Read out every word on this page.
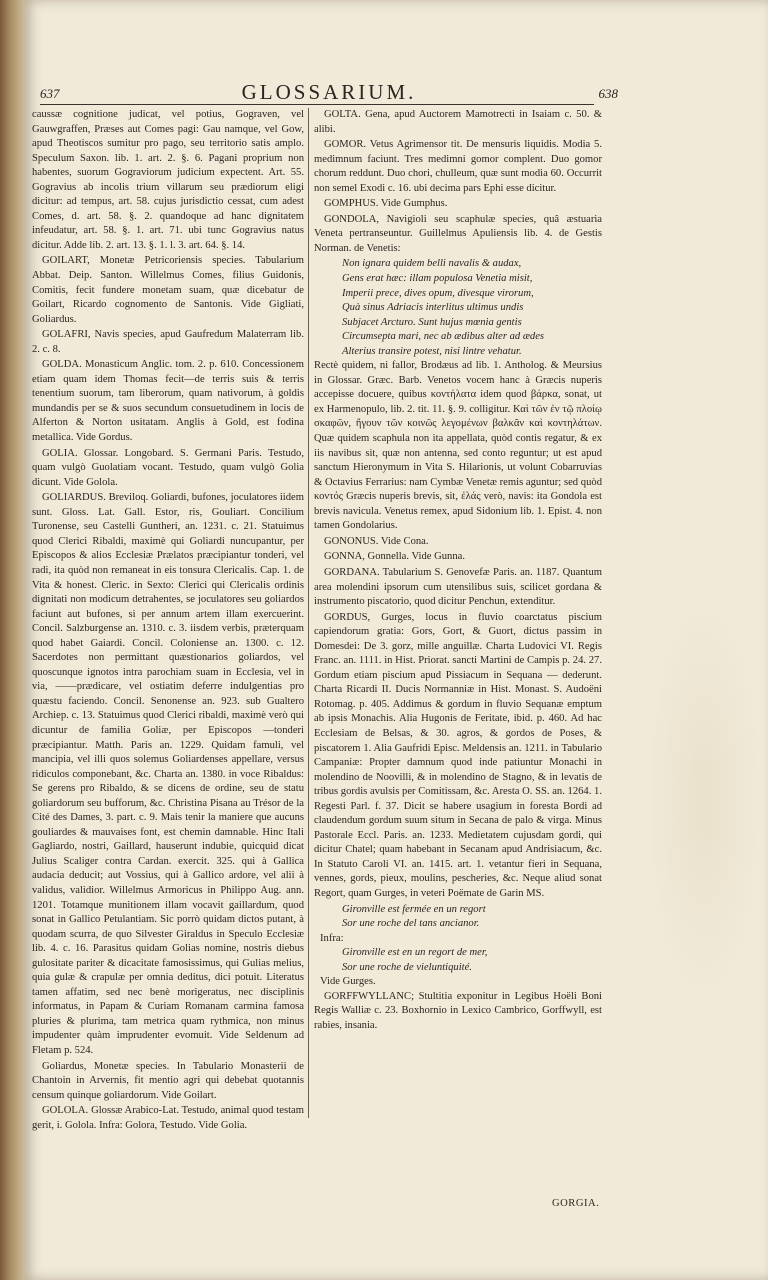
637	GLOSSARIUM.	638

caussæ cognitione judicat, vel potius, Gograven, vel Gauwgraffen, Præses aut Comes pagi: Gau namque, vel Gow, apud Theotiscos sumitur pro pago, seu territorio satis amplo. Speculum Saxon. lib. 1. art. 2. §. 6. Pagani proprium non habentes, suorum Gograviorum judicium expectent. Art. 55. Gogravius ab incolis trium villarum seu prædiorum eligi dicitur: ad tempus, art. 58. cujus jurisdictio cessat, cum adest Comes, d. art. 58. §. 2. quandoque ad hanc dignitatem infeudatur, art. 58. §. 1. art. 71. ubi tunc Gogravius natus dicitur. Adde lib. 2. art. 13. §. 1. l. 3. art. 64. §. 14.

GOILART, Monetæ Petricoriensis species. Tabularium Abbat. Deip. Santon. Willelmus Comes, filius Guidonis, Comitis, fecit fundere monetam suam, quæ dicebatur de Goilart, Ricardo cognomento de Santonis. Vide Gigliati, Goliardus.

GOLAFRI, Navis species, apud Gaufredum Malaterram lib. 2. c. 8.

GOLDA. Monasticum Anglic. tom. 2. p. 610. Concessionem etiam quam idem Thomas fecit—de terris suis & terris tenentium suorum, tam liberorum, quam nativorum, à goldis mundandis per se & suos secundum consuetudinem in locis de Alferton & Norton usitatam. Anglis à Gold, est fodina metallica. Vide Gordus.

GOLIA. Glossar. Longobard. S. Germani Paris. Testudo, quam vulgò Guolatiam vocant. Testudo, quam vulgò Golia dicunt. Vide Golola.

GOLIARDUS. Breviloq. Goliardi, bufones, joculatores iidem sunt. Gloss. Lat. Gall. Estor, ris, Gouliart. Concilium Turonense, seu Castelli Guntheri, an. 1231. c. 21. Statuimus quod Clerici Ribaldi, maximè qui Goliardi nuncupantur, per Episcopos & alios Ecclesiæ Prælatos præcipiantur tonderi, vel radi, ita quòd non remaneat in eis tonsura Clericalis. Cap. 1. de Vita & honest. Cleric. in Sexto: Clerici qui Clericalis ordinis dignitati non modicum detrahentes, se joculatores seu goliardos faciunt aut bufones, si per annum artem illam exercuerint. Concil. Salzburgense an. 1310. c. 3. iisdem verbis, præterquam quod habet Gaiardi. Concil. Coloniense an. 1300. c. 12. Sacerdotes non permittant quæstionarios goliardos, vel quoscunque ignotos intra parochiam suam in Ecclesia, vel in via, ——prædicare, vel ostiatim deferre indulgentias pro quæstu faciendo. Concil. Senonense an. 923. sub Gualtero Archiep. c. 13. Statuimus quod Clerici ribaldi, maximè verò qui dicuntur de familia Goliæ, per Episcopos —tonderi præcipiantur. Matth. Paris an. 1229. Quidam famuli, vel mancipia, vel illi quos solemus Goliardenses appellare, versus ridiculos componebant, &c. Charta an. 1380. in voce Ribaldus: Se gerens pro Ribaldo, & se dicens de ordine, seu de statu goliardorum seu bufforum, &c. Christina Pisana au Trésor de la Cité des Dames, 3. part. c. 9. Mais tenir la maniere que aucuns gouliardes & mauvaises font, est chemin damnable. Hinc Itali Gagliardo, nostri, Gaillard, hauserunt indubie, quicquid dicat Julius Scaliger contra Cardan. exercit. 325. qui à Gallica audacia deducit; aut Vossius, qui à Gallico ardore, vel alii à validus, validior. Willelmus Armoricus in Philippo Aug. ann. 1201. Totamque munitionem illam vocavit gaillardum, quod sonat in Gallico Petulantiam. Sic porrò quidam dictos putant, à quodam scurra, de quo Silvester Giraldus in Speculo Ecclesiæ lib. 4. c. 16. Parasitus quidam Golias nomine, nostris diebus gulositate pariter & dicacitate famosissimus, qui Gulias melius, quia gulæ & crapulæ per omnia deditus, dici potuit. Literatus tamen affatim, sed nec benè morigeratus, nec disciplinis informatus, in Papam & Curiam Romanam carmina famosa pluries & plurima, tam metrica quam rythmica, non minus impudenter quàm imprudenter evomuit. Vide Seldenum ad Fletam p. 524.

Goliardus, Monetæ species. In Tabulario Monasterii de Chantoin in Arvernis, fit mentio agri qui debebat quotannis censum quinque goliardorum. Vide Goilart.

GOLOLA. Glossæ Arabico-Lat. Testudo, animal quod testam gerit, i. Golola. Infra: Golora, Testudo. Vide Golia.

GOLTA. Gena, apud Auctorem Mamotrecti in Isaiam c. 50. & alibi.

GOMOR. Vetus Agrimensor tit. De mensuris liquidis. Modia 5. medimnum faciunt. Tres medimni gomor complent. Duo gomor chorum reddunt. Duo chori, chulleum, quæ sunt modia 60. Occurrit non semel Exodi c. 16. ubi decima pars Ephi esse dicitur.

GOMPHUS. Vide Gumphus.

GONDOLA, Navigioli seu scaphulæ species, quâ æstuaria Veneta pertranseuntur. Guillelmus Apuliensis lib. 4. de Gestis Norman. de Venetis:

Non ignara quidem belli navalis & audax,
Gens erat hæc: illam populosa Venetia misit,
Imperii prece, dives opum, divesque virorum,
Quà sinus Adriacis interlitus ultimus undis
Subjacet Arcturo. Sunt hujus mœnia gentis
Circumsepta mari, nec ab ædibus alter ad ædes
Alterius transire potest, nisi lintre vehatur.

Rectè quidem, ni fallor, Brodæus ad lib. 1. Antholog. & Meursius in Glossar. Græc. Barb. Venetos vocem hanc à Græcis nuperis accepisse docuere, quibus κοντήλατα idem quod βάρκα, sonat, ut ex Harmenopulo, lib. 2. tit. 11. §. 9. colligitur. Καὶ τῶν ἐν τῷ πλοίῳ σκαφῶν, ἤγουν τῶν κοινῶς λεγομένων βαλκᾶν καὶ κοντηλάτων. Quæ quidem scaphula non ita appellata, quòd contis regatur, & ex iis navibus sit, quæ non antenna, sed conto reguntur; ut est apud sanctum Hieronymum in Vita S. Hilarionis, ut volunt Cobarruvias & Octavius Ferrarius: nam Cymbæ Venetæ remis aguntur; sed quòd κοντός Græcis nuperis brevis, sit, ἐλάς verò, navis: ita Gondola est brevis navicula. Venetus remex, apud Sidonium lib. 1. Epist. 4. non tamen Gondolarius.

GONONUS. Vide Cona.

GONNA, Gonnella. Vide Gunna.

GORDANA. Tabularium S. Genovefæ Paris. an. 1187. Quantum area molendini ipsorum cum utensilibus suis, scilicet gordana & instrumento piscatorio, quod dicitur Penchun, extenditur.

GORDUS, Gurges, locus in fluvio coarctatus piscium capiendorum gratia: Gors, Gort, & Guort, dictus passim in Domesdei: De 3. gorz, mille anguillæ. Charta Ludovici VI. Regis Franc. an. 1111. in Hist. Priorat. sancti Martini de Campis p. 24. 27. Gordum etiam piscium apud Pissiacum in Sequana — dederunt. Charta Ricardi II. Ducis Normanniæ in Hist. Monast. S. Audoëni Rotomag. p. 405. Addimus & gordum in fluvio Sequanæ emptum ab ipsis Monachis. Alia Hugonis de Feritate, ibid. p. 460. Ad hac Ecclesiam de Belsas, & 30. agros, & gordos de Poses, & piscatorem 1. Alia Gaufridi Episc. Meldensis an. 1211. in Tabulario Campaniæ: Propter damnum quod inde patiuntur Monachi in molendino de Noovilli, & in molendino de Stagno, & in levatis de tribus gordis avulsis per Comitissam, &c. Aresta O. SS. an. 1264. 1. Regesti Parl. f. 37. Dicit se habere usagium in foresta Bordi ad claudendum gordum suum situm in Secana de palo & virga. Minus Pastorale Eccl. Paris. an. 1233. Medietatem cujusdam gordi, qui dicitur Chatel; quam habebant in Secanam apud Andrisiacum, &c. In Statuto Caroli VI. an. 1415. art. 1. vetantur fieri in Sequana, vennes, gords, pieux, moulins, pescheries, &c. Neque aliud sonat Regort, quam Gurges, in veteri Poëmate de Garin MS.

Gironville est fermée en un regort
Sor une roche del tans ancianor.
Infra:
Gironville est en un regort de mer,
Sor une roche de vieluntiquité.
Vide Gurges.

GORFFWYLLANC; Stultitia exponitur in Legibus Hoëli Boni Regis Walliæ c. 23. Boxhornio in Lexico Cambrico, Gorffwyll, est rabies, insania.

GORGIA.
